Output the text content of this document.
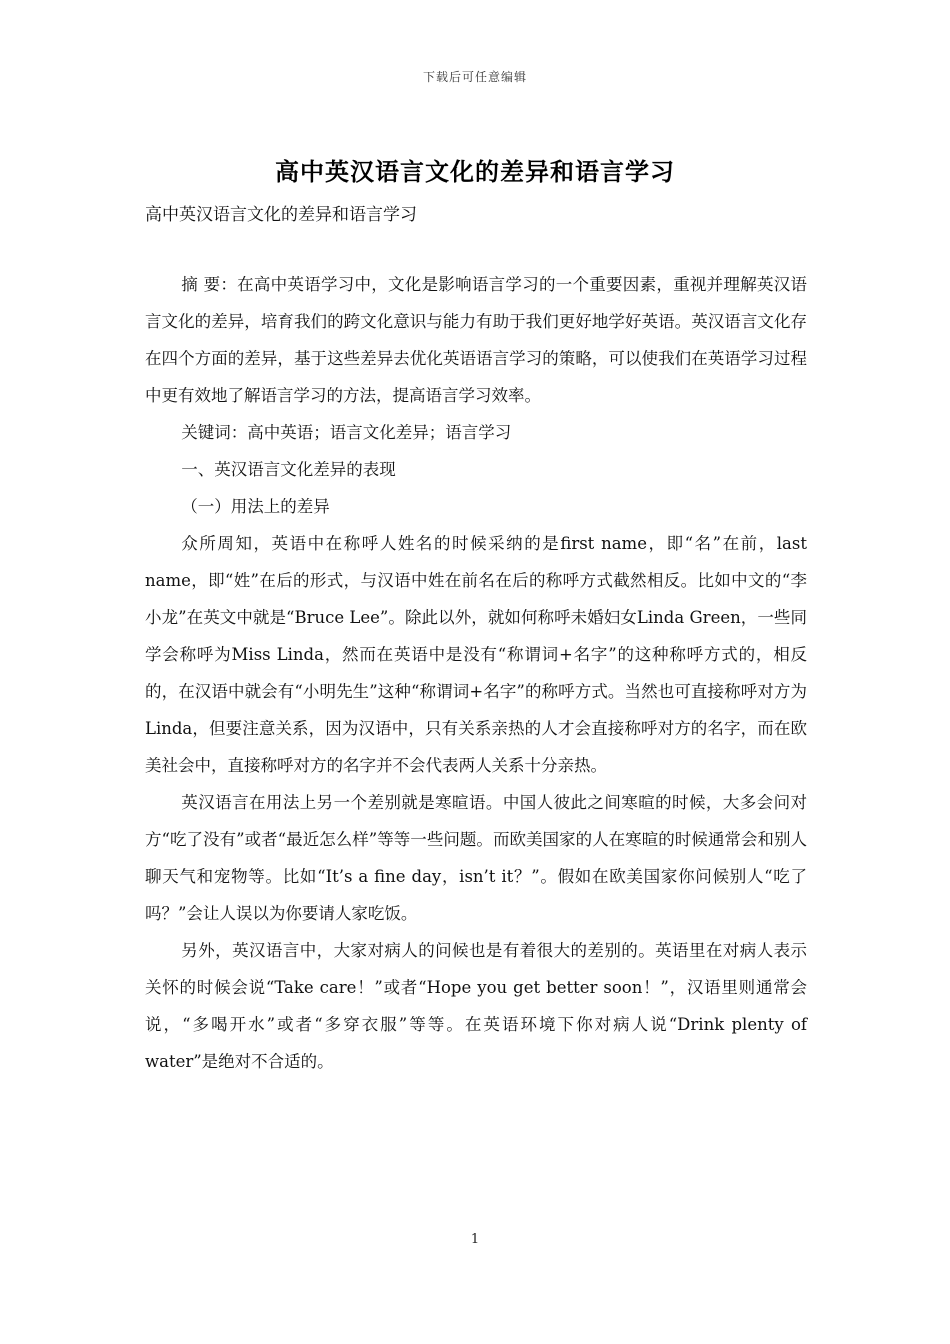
下载后可任意编辑
高中英汉语言文化的差异和语言学习

高中英汉语言文化的差异和语言学习

摘 要：在高中英语学习中，文化是影响语言学习的一个重要因素，重视并理解英汉语言文化的差异，培育我们的跨文化意识与能力有助于我们更好地学好英语。英汉语言文化存在四个方面的差异，基于这些差异去优化英语语言学习的策略，可以使我们在英语学习过程中更有效地了解语言学习的方法，提高语言学习效率。

关键词：高中英语；语言文化差异；语言学习

一、英汉语言文化差异的表现

（一）用法上的差异

众所周知，英语中在称呼人姓名的时候采纳的是first name，即“名”在前，last name，即“姓”在后的形式，与汉语中姓在前名在后的称呼方式截然相反。比如中文的“李小龙”在英文中就是“Bruce Lee”。除此以外，就如何称呼未婚妇女Linda Green，一些同学会称呼为Miss Linda，然而在英语中是没有“称谓词+名字”的这种称呼方式的，相反的，在汉语中就会有“小明先生”这种“称谓词+名字”的称呼方式。当然也可直接称呼对方为Linda，但要注意关系，因为汉语中，只有关系亲热的人才会直接称呼对方的名字，而在欧美社会中，直接称呼对方的名字并不会代表两人关系十分亲热。

英汉语言在用法上另一个差别就是寒暄语。中国人彼此之间寒暄的时候，大多会问对方“吃了没有”或者“最近怎么样”等等一些问题。而欧美国家的人在寒暄的时候通常会和别人聊天气和宠物等。比如“It’s a fine day，isn’t it？”。假如在欧美国家你问候别人“吃了吗？”会让人误以为你要请人家吃饭。

另外，英汉语言中，大家对病人的问候也是有着很大的差别的。英语里在对病人表示关怀的时候会说“Take care！”或者“Hope you get better soon！”，汉语里则通常会说，“多喝开水”或者“多穿衣服”等等。在英语环境下你对病人说“Drink plenty of water”是绝对不合适的。

1
